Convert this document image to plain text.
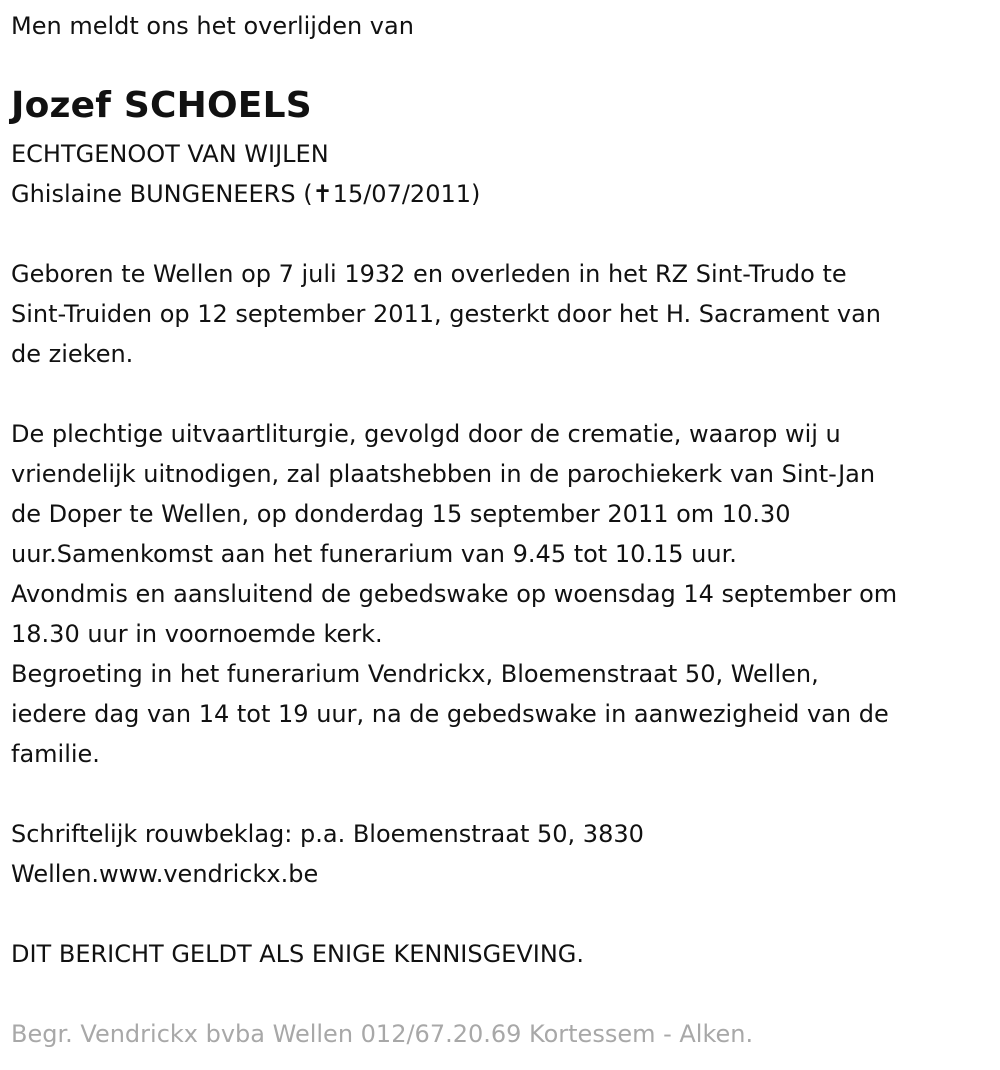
Men meldt ons het overlijden van
Jozef SCHOELS
ECHTGENOOT VAN WIJLEN
Ghislaine BUNGENEERS (✝15/07/2011)
Geboren te Wellen op 7 juli 1932 en overleden in het RZ Sint-Trudo te
Sint-Truiden op 12 september 2011, gesterkt door het H. Sacrament van
de zieken.
De plechtige uitvaartliturgie, gevolgd door de crematie, waarop wij u
vriendelijk uitnodigen, zal plaatshebben in de parochiekerk van Sint-Jan
de Doper te Wellen, op donderdag 15 september 2011 om 10.30
uur.Samenkomst aan het funerarium van 9.45 tot 10.15 uur.
Avondmis en aansluitend de gebedswake op woensdag 14 september om
18.30 uur in voornoemde kerk.
Begroeting in het funerarium Vendrickx, Bloemenstraat 50, Wellen,
iedere dag van 14 tot 19 uur, na de gebedswake in aanwezigheid van de
familie.
Schriftelijk rouwbeklag: p.a. Bloemenstraat 50, 3830
Wellen.www.vendrickx.be
DIT BERICHT GELDT ALS ENIGE KENNISGEVING.
Begr. Vendrickx bvba Wellen 012/67.20.69 Kortessem - Alken.
